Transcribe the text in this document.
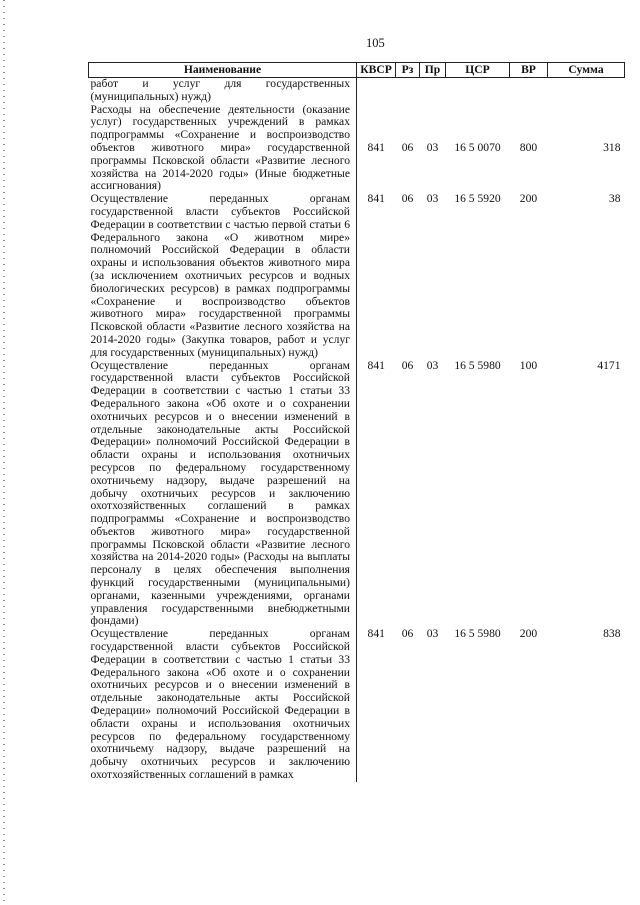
105
Наименование	КВСР	Рз	Пр	ЦСР	ВР	Сумма
работ и услуг для государственных (муниципальных) нужд)						
Расходы на обеспечение деятельности (оказание услуг) государственных учреждений в рамках подпрограммы «Сохранение и воспроизводство объектов животного мира» государственной программы Псковской области «Развитие лесного хозяйства на 2014-2020 годы» (Иные бюджетные ассигнования)	841	06	03	16 5 0070	800	318
Осуществление переданных органам государственной власти субъектов Российской Федерации в соответствии с частью первой статьи 6 Федерального закона «О животном мире» полномочий Российской Федерации в области охраны и использования объектов животного мира (за исключением охотничьих ресурсов и водных биологических ресурсов) в рамках подпрограммы «Сохранение и воспроизводство объектов животного мира» государственной программы Псковской области «Развитие лесного хозяйства на 2014-2020 годы» (Закупка товаров, работ и услуг для государственных (муниципальных) нужд)	841	06	03	16 5 5920	200	38
Осуществление переданных органам государственной власти субъектов Российской Федерации в соответствии с частью 1 статьи 33 Федерального закона «Об охоте и о сохранении охотничьих ресурсов и о внесении изменений в отдельные законодательные акты Российской Федерации» полномочий Российской Федерации в области охраны и использования охотничьих ресурсов по федеральному государственному охотничьему надзору, выдаче разрешений на добычу охотничьих ресурсов и заключению охотхозяйственных соглашений в рамках подпрограммы «Сохранение и воспроизводство объектов животного мира» государственной программы Псковской области «Развитие лесного хозяйства на 2014-2020 годы» (Расходы на выплаты персоналу в целях обеспечения выполнения функций государственными (муниципальными) органами, казенными учреждениями, органами управления государственными внебюджетными фондами)	841	06	03	16 5 5980	100	4171
Осуществление переданных органам государственной власти субъектов Российской Федерации в соответствии с частью 1 статьи 33 Федерального закона «Об охоте и о сохранении охотничьих ресурсов и о внесении изменений в отдельные законодательные акты Российской Федерации» полномочий Российской Федерации в области охраны и использования охотничьих ресурсов по федеральному государственному охотничьему надзору, выдаче разрешений на добычу охотничьих ресурсов и заключению охотхозяйственных соглашений в рамках	841	06	03	16 5 5980	200	838
